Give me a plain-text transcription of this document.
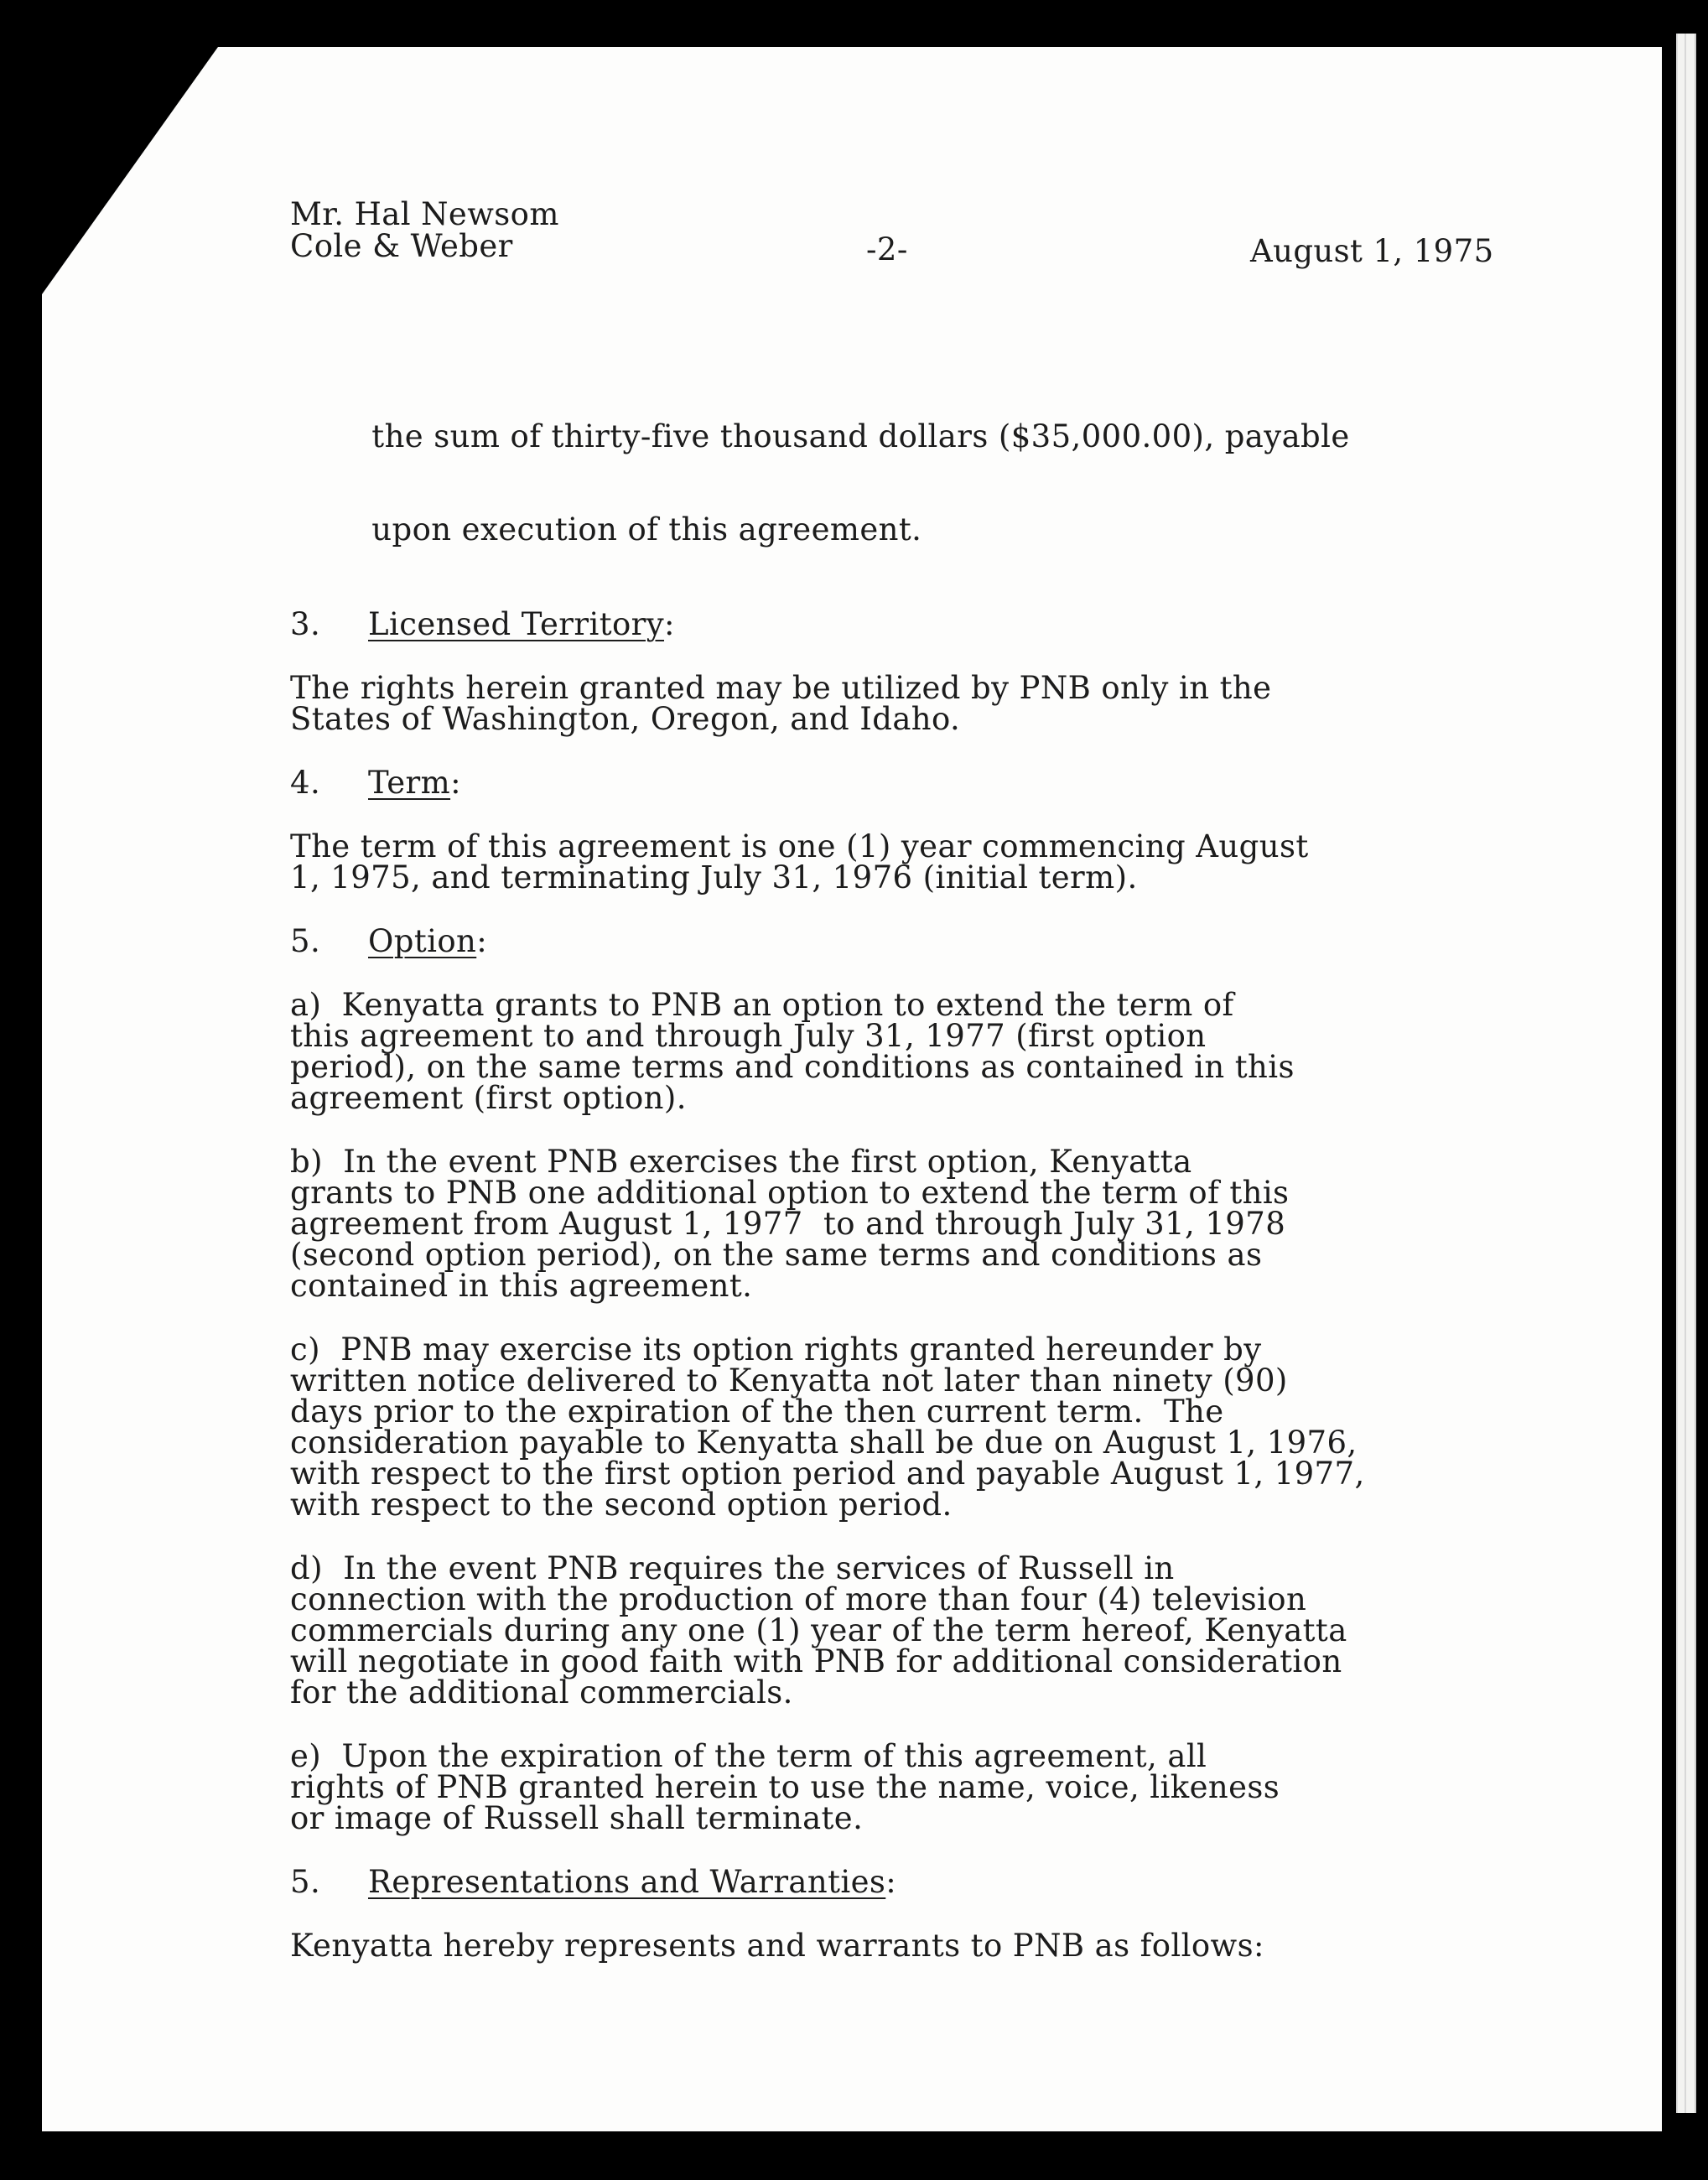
Mr. Hal Newsom
Cole & Weber	-2-	August 1, 1975

the sum of thirty-five thousand dollars ($35,000.00), payable

upon execution of this agreement.

3. Licensed Territory:

The rights herein granted may be utilized by PNB only in the
States of Washington, Oregon, and Idaho.

4. Term:

The term of this agreement is one (1) year commencing August
1, 1975, and terminating July 31, 1976 (initial term).

5. Option:

a)  Kenyatta grants to PNB an option to extend the term of
this agreement to and through July 31, 1977 (first option
period), on the same terms and conditions as contained in this
agreement (first option).

b)  In the event PNB exercises the first option, Kenyatta
grants to PNB one additional option to extend the term of this
agreement from August 1, 1977  to and through July 31, 1978
(second option period), on the same terms and conditions as
contained in this agreement.

c)  PNB may exercise its option rights granted hereunder by
written notice delivered to Kenyatta not later than ninety (90)
days prior to the expiration of the then current term.  The
consideration payable to Kenyatta shall be due on August 1, 1976,
with respect to the first option period and payable August 1, 1977,
with respect to the second option period.

d)  In the event PNB requires the services of Russell in
connection with the production of more than four (4) television
commercials during any one (1) year of the term hereof, Kenyatta
will negotiate in good faith with PNB for additional consideration
for the additional commercials.

e)  Upon the expiration of the term of this agreement, all
rights of PNB granted herein to use the name, voice, likeness
or image of Russell shall terminate.

5. Representations and Warranties:

Kenyatta hereby represents and warrants to PNB as follows:
